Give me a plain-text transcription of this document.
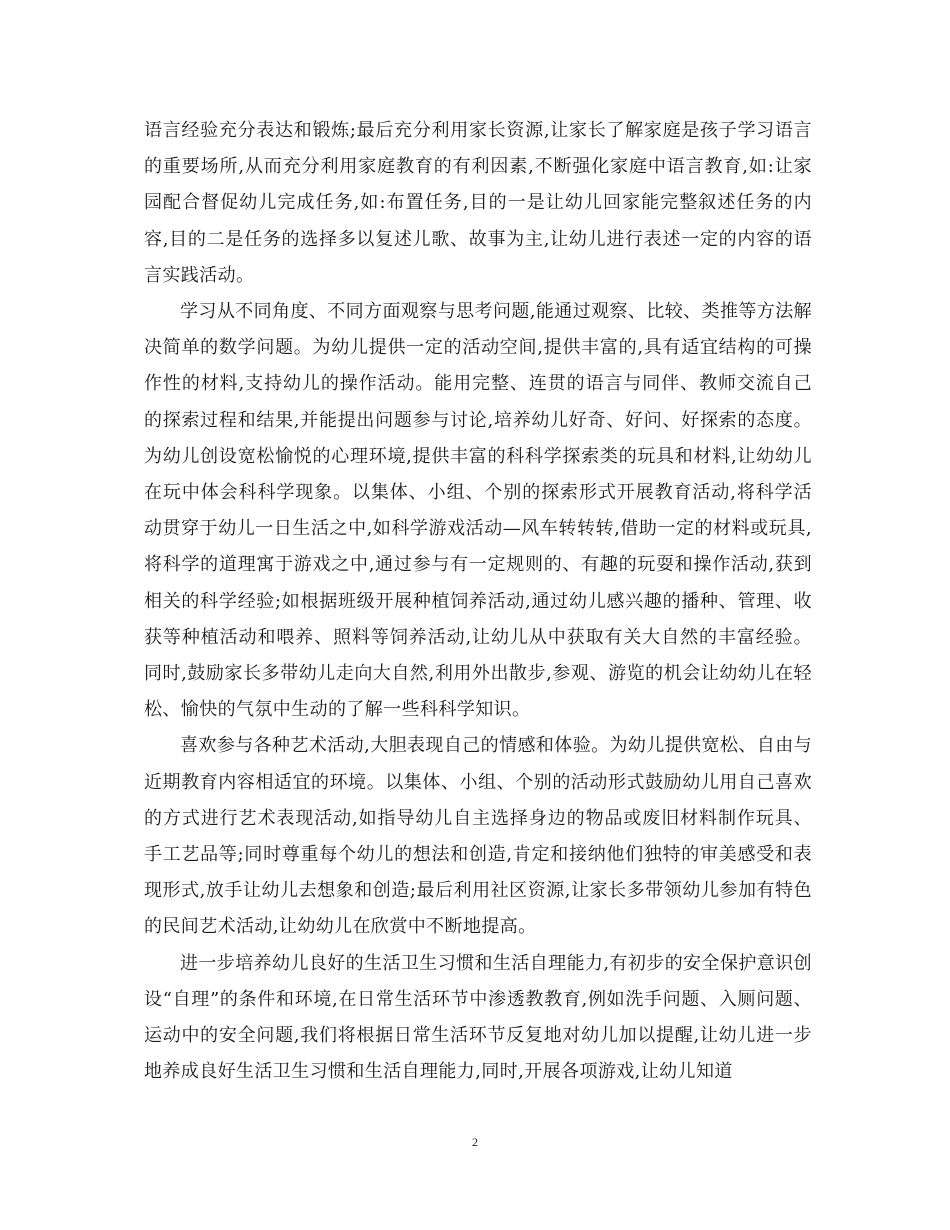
语言经验充分表达和锻炼;最后充分利用家长资源,让家长了解家庭是孩子学习语言的重要场所,从而充分利用家庭教育的有利因素,不断强化家庭中语言教育,如:让家园配合督促幼儿完成任务,如:布置任务,目的一是让幼儿回家能完整叙述任务的内容,目的二是任务的选择多以复述儿歌、故事为主,让幼儿进行表述一定的内容的语言实践活动。

学习从不同角度、不同方面观察与思考问题,能通过观察、比较、类推等方法解决简单的数学问题。为幼儿提供一定的活动空间,提供丰富的,具有适宜结构的可操作性的材料,支持幼儿的操作活动。能用完整、连贯的语言与同伴、教师交流自己的探索过程和结果,并能提出问题参与讨论,培养幼儿好奇、好问、好探索的态度。为幼儿创设宽松愉悦的心理环境,提供丰富的科科学探索类的玩具和材料,让幼幼儿在玩中体会科科学现象。以集体、小组、个别的探索形式开展教育活动,将科学活动贯穿于幼儿一日生活之中,如科学游戏活动—风车转转转,借助一定的材料或玩具,将科学的道理寓于游戏之中,通过参与有一定规则的、有趣的玩耍和操作活动,获到相关的科学经验;如根据班级开展种植饲养活动,通过幼儿感兴趣的播种、管理、收获等种植活动和喂养、照料等饲养活动,让幼儿从中获取有关大自然的丰富经验。同时,鼓励家长多带幼儿走向大自然,利用外出散步,参观、游览的机会让幼幼儿在轻松、愉快的气氛中生动的了解一些科科学知识。

喜欢参与各种艺术活动,大胆表现自己的情感和体验。为幼儿提供宽松、自由与近期教育内容相适宜的环境。以集体、小组、个别的活动形式鼓励幼儿用自己喜欢的方式进行艺术表现活动,如指导幼儿自主选择身边的物品或废旧材料制作玩具、手工艺品等;同时尊重每个幼儿的想法和创造,肯定和接纳他们独特的审美感受和表现形式,放手让幼儿去想象和创造;最后利用社区资源,让家长多带领幼儿参加有特色的民间艺术活动,让幼幼儿在欣赏中不断地提高。

进一步培养幼儿良好的生活卫生习惯和生活自理能力,有初步的安全保护意识创设“自理”的条件和环境,在日常生活环节中渗透教教育,例如洗手问题、入厕问题、运动中的安全问题,我们将根据日常生活环节反复地对幼儿加以提醒,让幼儿进一步地养成良好生活卫生习惯和生活自理能力,同时,开展各项游戏,让幼儿知道

2
